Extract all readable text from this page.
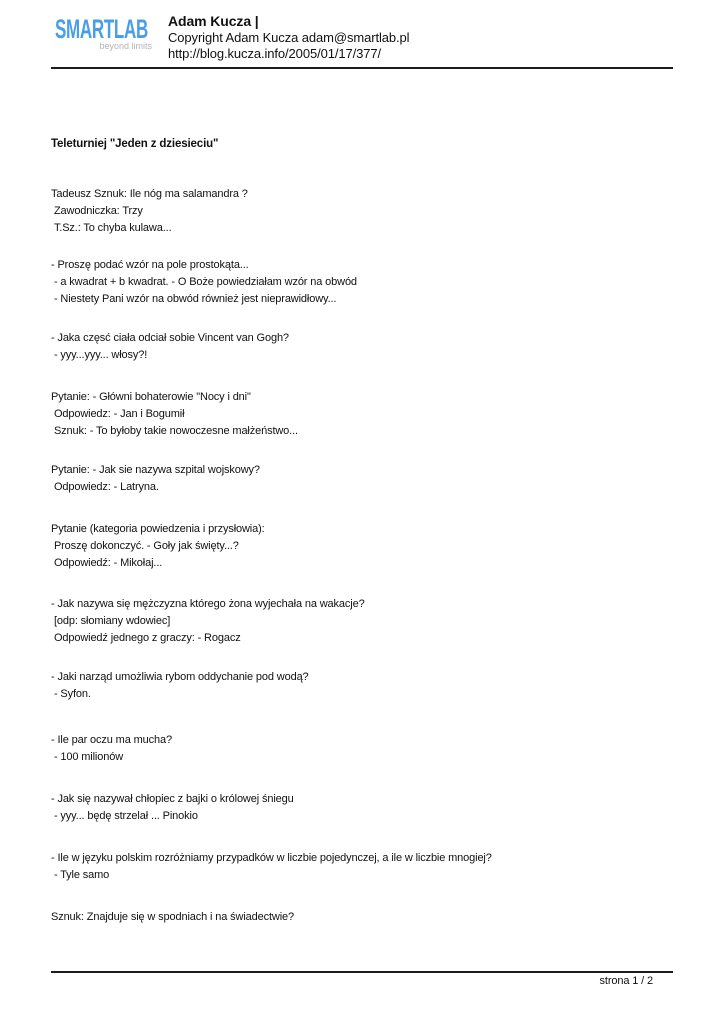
SMARTLAB
beyond limits
Adam Kucza |
Copyright Adam Kucza adam@smartlab.pl
http://blog.kucza.info/2005/01/17/377/
Teleturniej "Jeden z dziesieciu"
Tadeusz Sznuk: Ile nóg ma salamandra ?
Zawodniczka: Trzy
T.Sz.: To chyba kulawa...
- Proszę podać wzór na pole prostokąta...
- a kwadrat + b kwadrat. - O Boże powiedziałam wzór na obwód
- Niestety Pani wzór na obwód również jest nieprawidłowy...
- Jaka częsć ciała odciał sobie Vincent van Gogh?
- yyy...yyy... włosy?!
Pytanie: - Główni bohaterowie "Nocy i dni"
Odpowiedz: - Jan i Bogumił
Sznuk: - To byłoby takie nowoczesne małżeństwo...
Pytanie: - Jak sie nazywa szpital wojskowy?
Odpowiedz: - Latryna.
Pytanie (kategoria powiedzenia i przysłowia):
Proszę dokonczyć. - Goły jak święty...?
Odpowiedź: - Mikołaj...
- Jak nazywa się mężczyzna którego żona wyjechała na wakacje?
[odp: słomiany wdowiec]
Odpowiedź jednego z graczy: - Rogacz
- Jaki narząd umożliwia rybom oddychanie pod wodą?
- Syfon.
- Ile par oczu ma mucha?
- 100 milionów
- Jak się nazywał chłopiec z bajki o królowej śniegu
- yyy... będę strzelał ... Pinokio
- Ile w języku polskim rozróżniamy przypadków w liczbie pojedynczej, a ile w liczbie mnogiej?
- Tyle samo
Sznuk: Znajduje się w spodniach i na świadectwie?
strona 1 / 2
